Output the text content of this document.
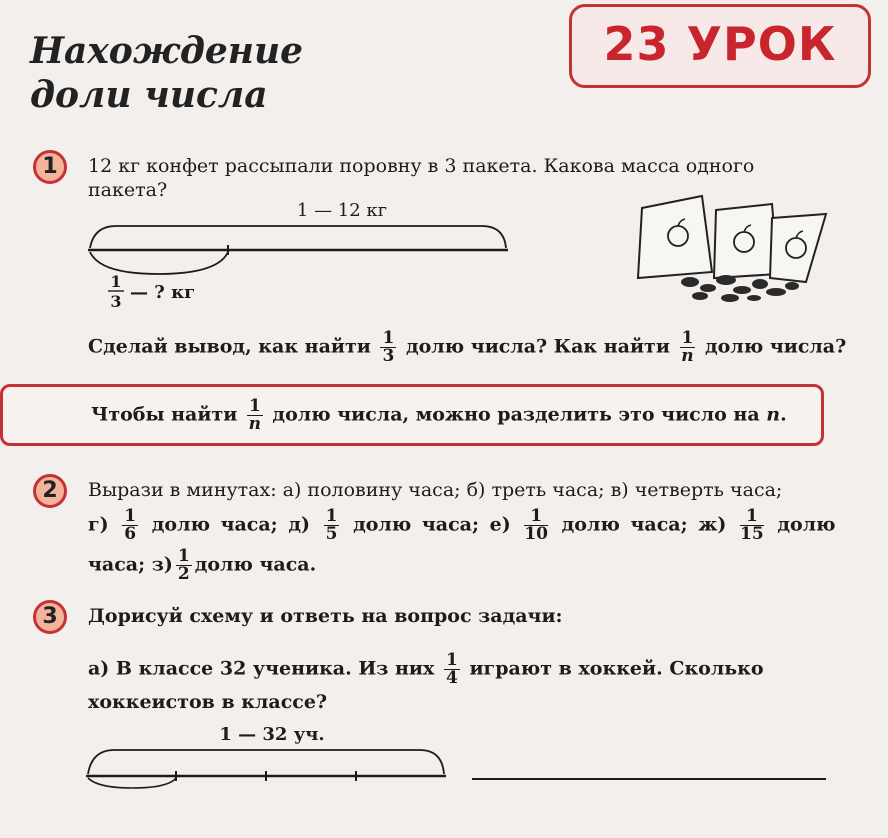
Нахождение
доли числа
23 УРОК
1	12 кг конфет рассыпали поровну в 3 пакета. Какова масса одного пакета?
1 — 12 кг
1
3 — ? кг
Сделай вывод, как найти $\frac{1}{3}$ долю числа? Как найти $\frac{1}{n}$ долю числа?
Чтобы найти $\frac{1}{n}$ долю числа, можно разделить это число на n.
2	Вырази в минутах: а) половину часа; б) треть часа; в) четверть часа;
$г) \frac{1}{6}$ долю часа; $д) \frac{1}{5}$ долю часа; $е) \frac{1}{10}$ долю часа; $ж) \frac{1}{15}$ долю
часа; $з) \frac{1}{2}$ долю часа.
3	Дорисуй схему и ответь на вопрос задачи:
а) В классе 32 ученика. Из них $\frac{1}{4}$ играют в хоккей. Сколько
хоккеистов в классе?
1 — 32 уч.
